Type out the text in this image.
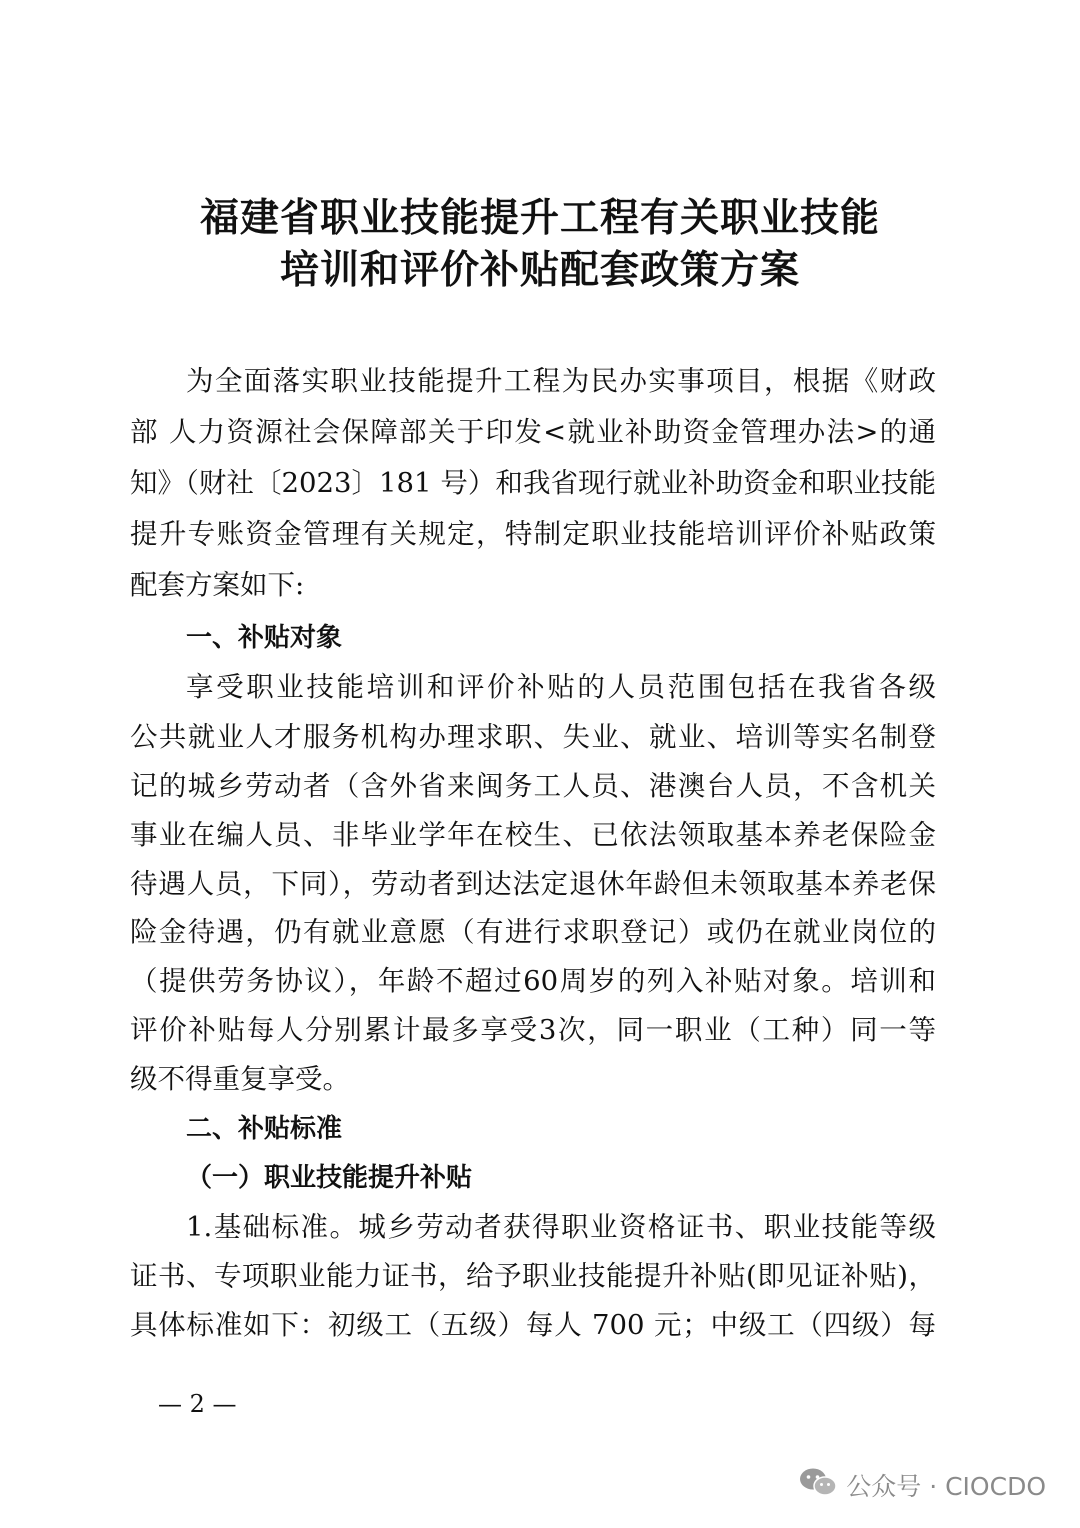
福建省职业技能提升工程有关职业技能
培训和评价补贴配套政策方案
为全面落实职业技能提升工程为民办实事项目，根据《财政
部 人力资源社会保障部关于印发<就业补助资金管理办法>的通
知》（财社〔2023〕181 号）和我省现行就业补助资金和职业技能
提升专账资金管理有关规定，特制定职业技能培训评价补贴政策
配套方案如下:
一、补贴对象
享受职业技能培训和评价补贴的人员范围包括在我省各级
公共就业人才服务机构办理求职、失业、就业、培训等实名制登
记的城乡劳动者（含外省来闽务工人员、港澳台人员，不含机关
事业在编人员、非毕业学年在校生、已依法领取基本养老保险金
待遇人员，下同），劳动者到达法定退休年龄但未领取基本养老保
险金待遇，仍有就业意愿（有进行求职登记）或仍在就业岗位的
（提供劳务协议），年龄不超过60周岁的列入补贴对象。培训和
评价补贴每人分别累计最多享受3次，同一职业（工种）同一等
级不得重复享受。
二、补贴标准
（一）职业技能提升补贴
1.基础标准。城乡劳动者获得职业资格证书、职业技能等级
证书、专项职业能力证书，给予职业技能提升补贴(即见证补贴)，
具体标准如下：初级工（五级）每人 700 元；中级工（四级）每
— 2 —
公众号 · CIOCDO
